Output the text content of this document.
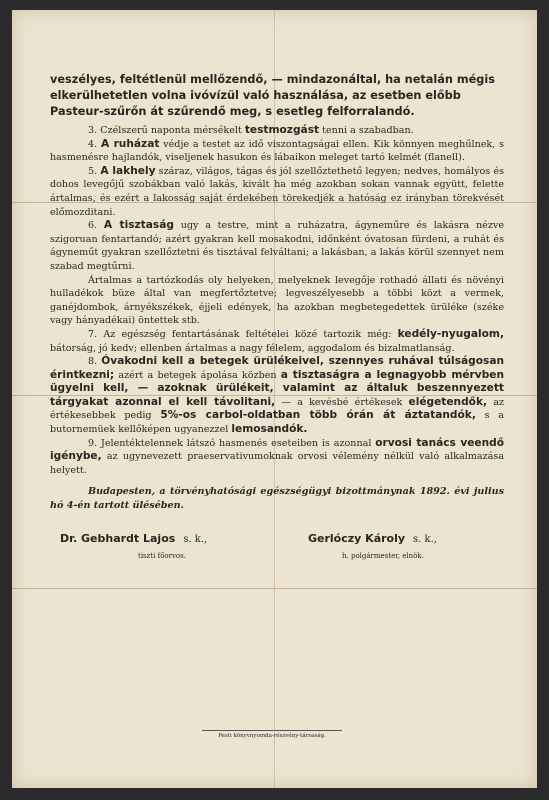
veszélyes, feltétlenül mellőzendő, — mindazonáltal, ha netalán mégis elkerülhetetlen volna ivóvízül való használása, az esetben előbb Pasteur-szűrőn át szűrendő meg, s esetleg felforralandó.

3. Czélszerű naponta mérsékelt testmozgást tenni a szabadban.

4. A ruházat védje a testet az idő viszontagságai ellen. Kik könnyen meghűlnek, s hasmenésre hajlandók, viseljenek hasukon és lábaikon meleget tartó kelmét (flanell).

5. A lakhely száraz, világos, tágas és jól szellőztethető legyen; nedves, homályos és dohos levegőjű szobákban való lakás, kivált ha még azokban sokan vannak együtt, felette ártalmas, és ezért a lakosság saját érdekében törekedjék a hatóság ez irányban törekvését előmozditani.

6. A tisztaság ugy a testre, mint a ruházatra, ágyneműre és lakásra nézve szigoruan fentartandó; azért gyakran kell mosakodni, időnként óvatosan fürdeni, a ruhát és ágyneműt gyakran szellőztetni és tisztával felváltani; a lakásban, a lakás körül szennyet nem szabad megtűrni.

Ártalmas a tartózkodás oly helyeken, melyeknek levegője rothadó állati és növényi hulladékok büze által van megfertőztetve; legveszélyesebb a többi közt a vermek, ganéjdombok, árnyékszékek, éjjeli edények, ha azokban megbetegedettek ürüléke (széke vagy hányadékai) öntettek stb.

7. Az egészség fentartásának feltételei közé tartozik még: kedély-nyugalom, bátorság, jó kedv; ellenben ártalmas a nagy félelem, aggodalom és bizalmatlanság.

8. Óvakodni kell a betegek ürülékeivel, szennyes ruhával túlságosan érintkezni; azért a betegek ápolása közben a tisztaságra a legnagyobb mérvben ügyelni kell, — azoknak ürülékeit, valamint az általuk beszennyezett tárgyakat azonnal el kell távolitani, — a kevésbé értékesek elégetendők, az értékesebbek pedig 5%-os carbol-oldatban több órán át áztatandók, s a butornemüek kellőképen ugyanezzel lemosandók.

9. Jelentéktelennek látszó hasmenés eseteiben is azonnal orvosi tanács veendő igénybe, az ugynevezett praeservativumoknak orvosi vélemény nélkül való alkalmazása helyett.

Budapesten, a törvényhatósági egészségügyi bizottmánynak 1892. évi julius hó 4-én tartott ülésében.

Dr. Gebhardt Lajos s. k.,
tiszti főorvos.
Gerlóczy Károly s. k.,
h. polgármester, elnök.
Pesti könyvnyomda-részvény-társaság.
